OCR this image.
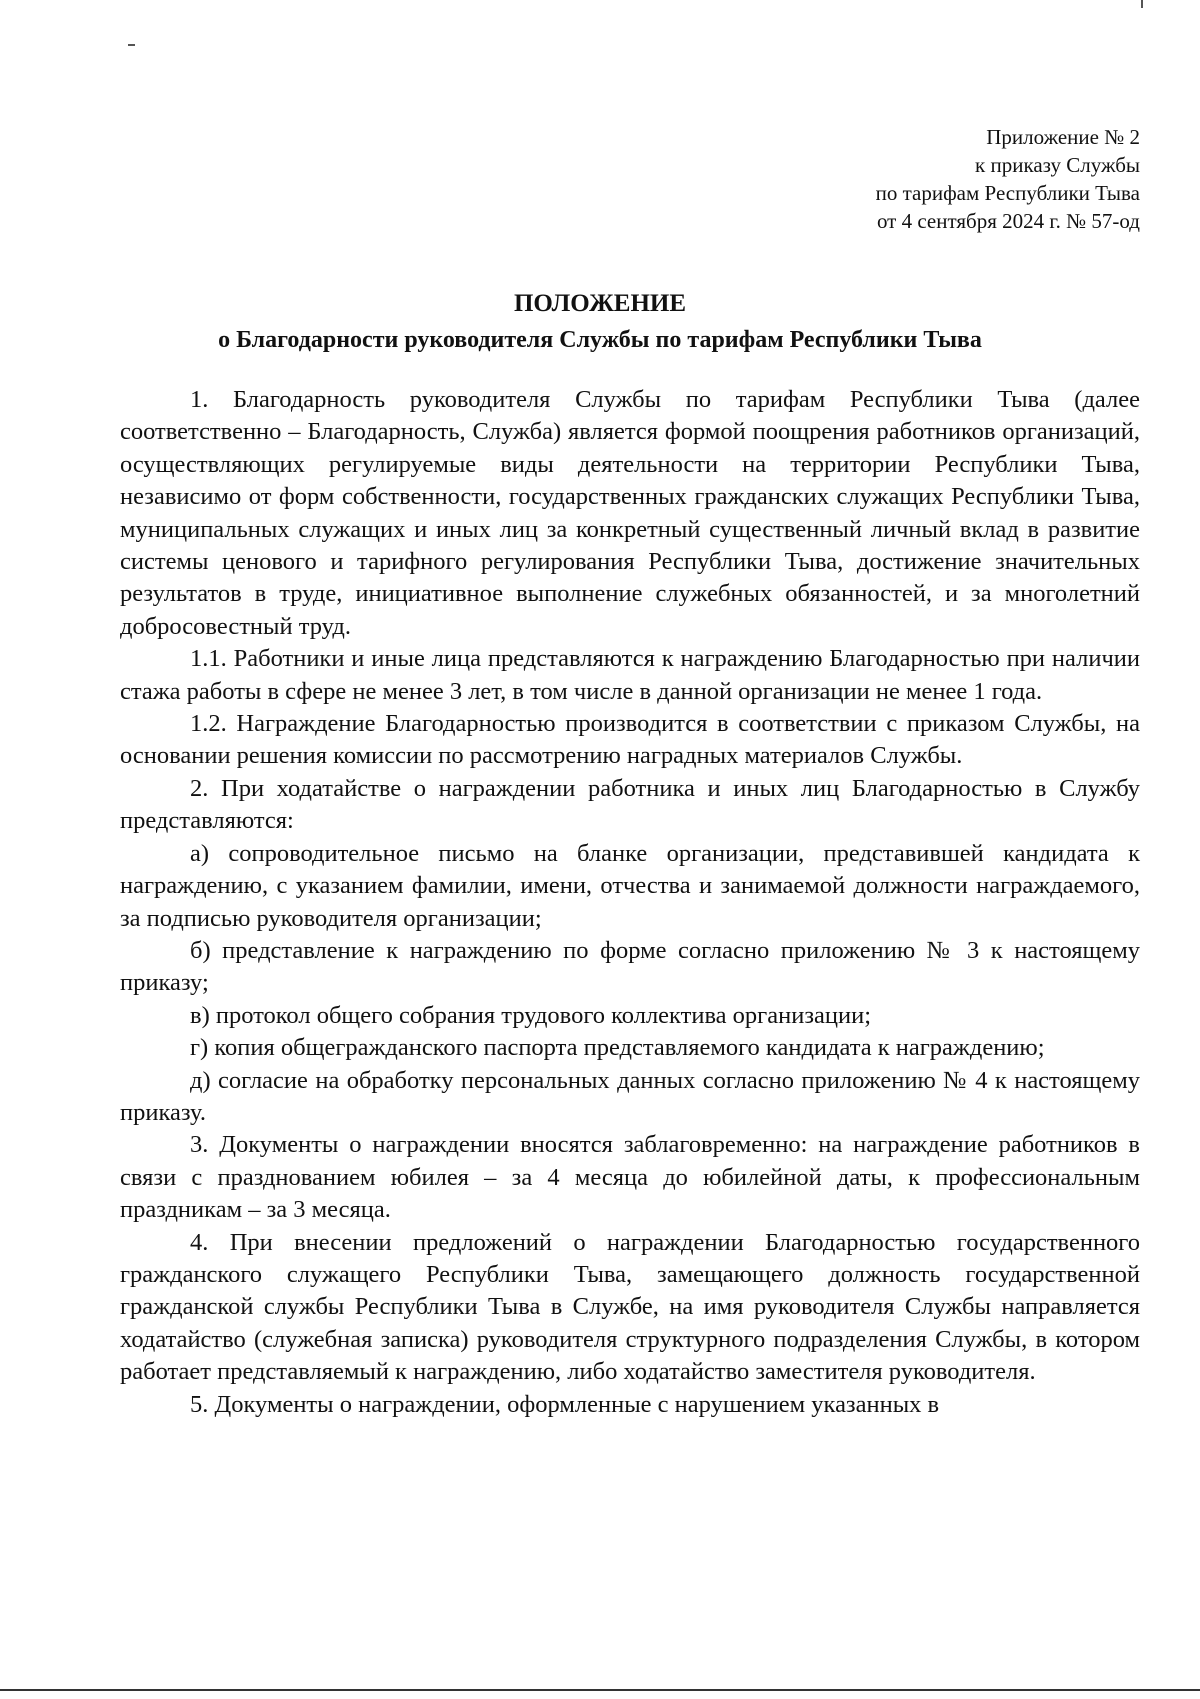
Приложение № 2
к приказу Службы
по тарифам Республики Тыва
от 4 сентября 2024 г. № 57-од
ПОЛОЖЕНИЕ
о Благодарности руководителя Службы по тарифам Республики Тыва

1. Благодарность руководителя Службы по тарифам Республики Тыва (далее соответственно – Благодарность, Служба) является формой поощрения работников организаций, осуществляющих регулируемые виды деятельности на территории Республики Тыва, независимо от форм собственности, государственных гражданских служащих Республики Тыва, муниципальных служащих и иных лиц за конкретный существенный личный вклад в развитие системы ценового и тарифного регулирования Республики Тыва, достижение значительных результатов в труде, инициативное выполнение служебных обязанностей, и за многолетний добросовестный труд.

1.1. Работники и иные лица представляются к награждению Благодарностью при наличии стажа работы в сфере не менее 3 лет, в том числе в данной организации не менее 1 года.

1.2. Награждение Благодарностью производится в соответствии с приказом Службы, на основании решения комиссии по рассмотрению наградных материалов Службы.

2. При ходатайстве о награждении работника и иных лиц Благодарностью в Службу представляются:

а) сопроводительное письмо на бланке организации, представившей кандидата к награждению, с указанием фамилии, имени, отчества и занимаемой должности награждаемого, за подписью руководителя организации;

б) представление к награждению по форме согласно приложению № 3 к настоящему приказу;

в) протокол общего собрания трудового коллектива организации;

г) копия общегражданского паспорта представляемого кандидата к награждению;

д) согласие на обработку персональных данных согласно приложению № 4 к настоящему приказу.

3. Документы о награждении вносятся заблаговременно: на награждение работников в связи с празднованием юбилея – за 4 месяца до юбилейной даты, к профессиональным праздникам – за 3 месяца.

4. При внесении предложений о награждении Благодарностью государственного гражданского служащего Республики Тыва, замещающего должность государственной гражданской службы Республики Тыва в Службе, на имя руководителя Службы направляется ходатайство (служебная записка) руководителя структурного подразделения Службы, в котором работает представляемый к награждению, либо ходатайство заместителя руководителя.

5. Документы о награждении, оформленные с нарушением указанных в
